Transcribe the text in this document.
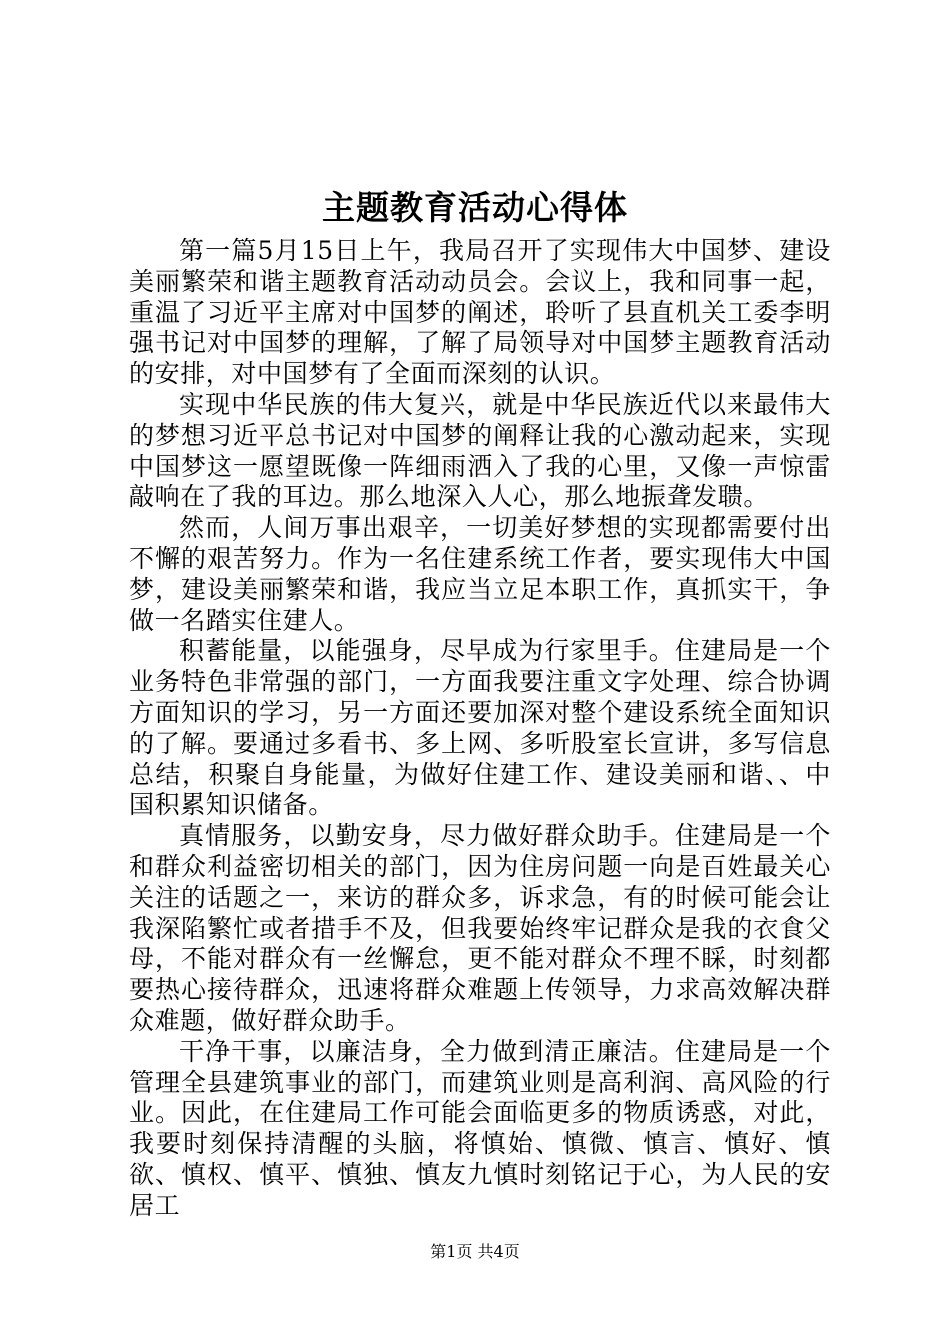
主题教育活动心得体

第一篇5月15日上午，我局召开了实现伟大中国梦、建设美丽繁荣和谐主题教育活动动员会。会议上，我和同事一起，重温了习近平主席对中国梦的阐述，聆听了县直机关工委李明强书记对中国梦的理解，了解了局领导对中国梦主题教育活动的安排，对中国梦有了全面而深刻的认识。

实现中华民族的伟大复兴，就是中华民族近代以来最伟大的梦想习近平总书记对中国梦的阐释让我的心激动起来，实现中国梦这一愿望既像一阵细雨洒入了我的心里，又像一声惊雷敲响在了我的耳边。那么地深入人心，那么地振聋发聩。

然而，人间万事出艰辛，一切美好梦想的实现都需要付出不懈的艰苦努力。作为一名住建系统工作者，要实现伟大中国梦，建设美丽繁荣和谐，我应当立足本职工作，真抓实干，争做一名踏实住建人。

积蓄能量，以能强身，尽早成为行家里手。住建局是一个业务特色非常强的部门，一方面我要注重文字处理、综合协调方面知识的学习，另一方面还要加深对整个建设系统全面知识的了解。要通过多看书、多上网、多听股室长宣讲，多写信息总结，积聚自身能量，为做好住建工作、建设美丽和谐、、中国积累知识储备。

真情服务，以勤安身，尽力做好群众助手。住建局是一个和群众利益密切相关的部门，因为住房问题一向是百姓最关心关注的话题之一，来访的群众多，诉求急，有的时候可能会让我深陷繁忙或者措手不及，但我要始终牢记群众是我的衣食父母，不能对群众有一丝懈怠，更不能对群众不理不睬，时刻都要热心接待群众，迅速将群众难题上传领导，力求高效解决群众难题，做好群众助手。

干净干事，以廉洁身，全力做到清正廉洁。住建局是一个管理全县建筑事业的部门，而建筑业则是高利润、高风险的行业。因此，在住建局工作可能会面临更多的物质诱惑，对此，我要时刻保持清醒的头脑，将慎始、慎微、慎言、慎好、慎欲、慎权、慎平、慎独、慎友九慎时刻铭记于心，为人民的安居工

第1页 共4页
